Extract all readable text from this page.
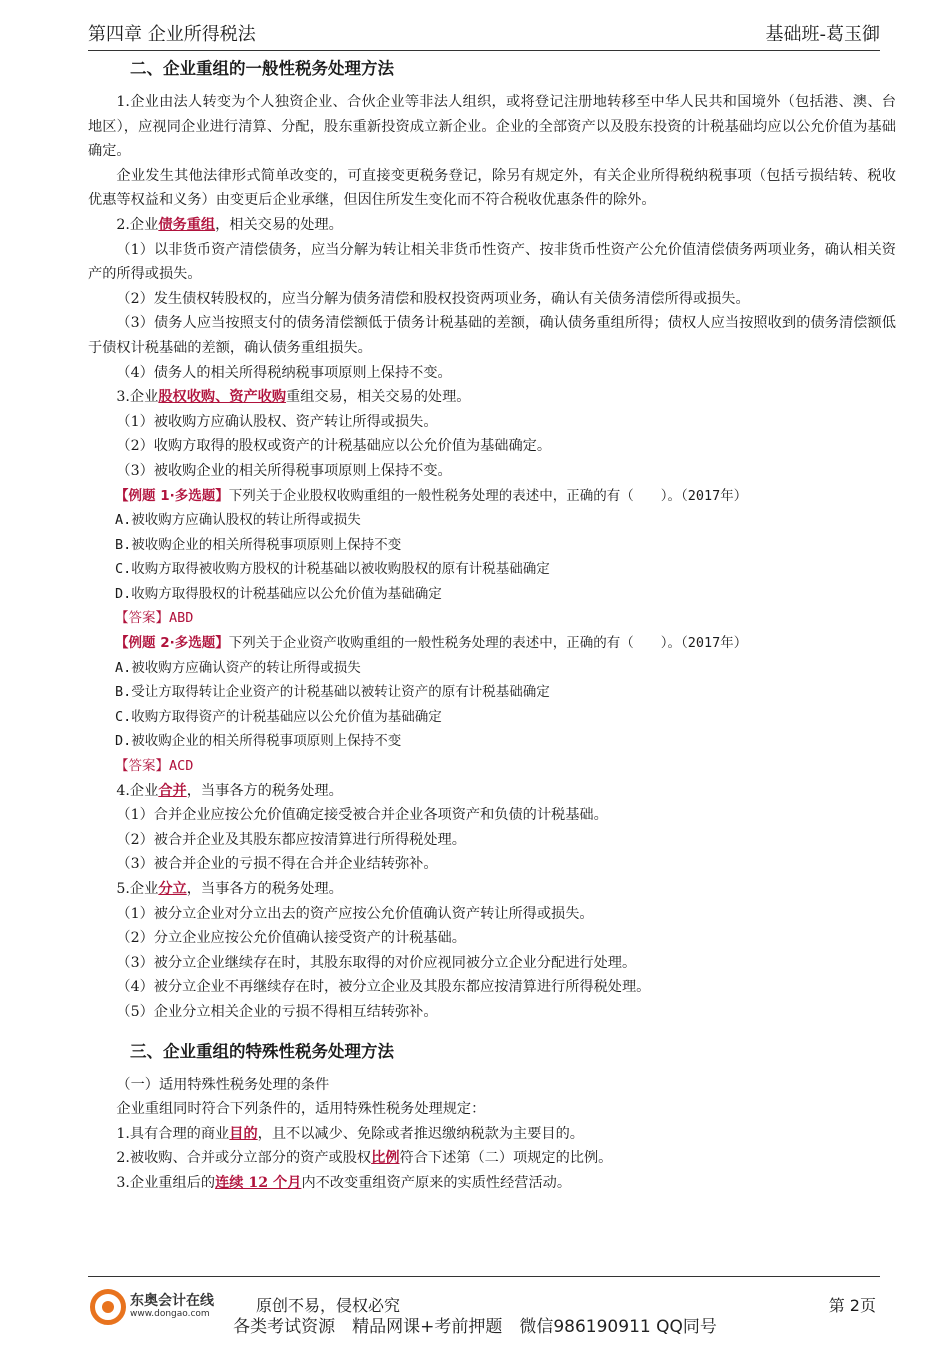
第四章 企业所得税法	基础班-葛玉御
二、企业重组的一般性税务处理方法

1.企业由法人转变为个人独资企业、合伙企业等非法人组织，或将登记注册地转移至中华人民共和国境外（包括港、澳、台地区），应视同企业进行清算、分配，股东重新投资成立新企业。企业的全部资产以及股东投资的计税基础均应以公允价值为基础确定。

企业发生其他法律形式简单改变的，可直接变更税务登记，除另有规定外，有关企业所得税纳税事项（包括亏损结转、税收优惠等权益和义务）由变更后企业承继，但因住所发生变化而不符合税收优惠条件的除外。

2.企业债务重组，相关交易的处理。

（1）以非货币资产清偿债务，应当分解为转让相关非货币性资产、按非货币性资产公允价值清偿债务两项业务，确认相关资产的所得或损失。

（2）发生债权转股权的，应当分解为债务清偿和股权投资两项业务，确认有关债务清偿所得或损失。

（3）债务人应当按照支付的债务清偿额低于债务计税基础的差额，确认债务重组所得；债权人应当按照收到的债务清偿额低于债权计税基础的差额，确认债务重组损失。

（4）债务人的相关所得税纳税事项原则上保持不变。

3.企业股权收购、资产收购重组交易，相关交易的处理。

（1）被收购方应确认股权、资产转让所得或损失。

（2）收购方取得的股权或资产的计税基础应以公允价值为基础确定。

（3）被收购企业的相关所得税事项原则上保持不变。

【例题 1·多选题】下列关于企业股权收购重组的一般性税务处理的表述中，正确的有（　　）。（2017年）

A.被收购方应确认股权的转让所得或损失

B.被收购企业的相关所得税事项原则上保持不变

C.收购方取得被收购方股权的计税基础以被收购股权的原有计税基础确定

D.收购方取得股权的计税基础应以公允价值为基础确定

【答案】ABD

【例题 2·多选题】下列关于企业资产收购重组的一般性税务处理的表述中，正确的有（　　）。（2017年）

A.被收购方应确认资产的转让所得或损失

B.受让方取得转让企业资产的计税基础以被转让资产的原有计税基础确定

C.收购方取得资产的计税基础应以公允价值为基础确定

D.被收购企业的相关所得税事项原则上保持不变

【答案】ACD

4.企业合并，当事各方的税务处理。

（1）合并企业应按公允价值确定接受被合并企业各项资产和负债的计税基础。

（2）被合并企业及其股东都应按清算进行所得税处理。

（3）被合并企业的亏损不得在合并企业结转弥补。

5.企业分立，当事各方的税务处理。

（1）被分立企业对分立出去的资产应按公允价值确认资产转让所得或损失。

（2）分立企业应按公允价值确认接受资产的计税基础。

（3）被分立企业继续存在时，其股东取得的对价应视同被分立企业分配进行处理。

（4）被分立企业不再继续存在时，被分立企业及其股东都应按清算进行所得税处理。

（5）企业分立相关企业的亏损不得相互结转弥补。

三、企业重组的特殊性税务处理方法

（一）适用特殊性税务处理的条件

企业重组同时符合下列条件的，适用特殊性税务处理规定：

1.具有合理的商业目的，且不以减少、免除或者推迟缴纳税款为主要目的。

2.被收购、合并或分立部分的资产或股权比例符合下述第（二）项规定的比例。

3.企业重组后的连续 12 个月内不改变重组资产原来的实质性经营活动。

东奥会计在线
www.dongao.com	原创不易，侵权必究	第 2页
各类考试资源　精品网课+考前押题　微信986190911 QQ同号
